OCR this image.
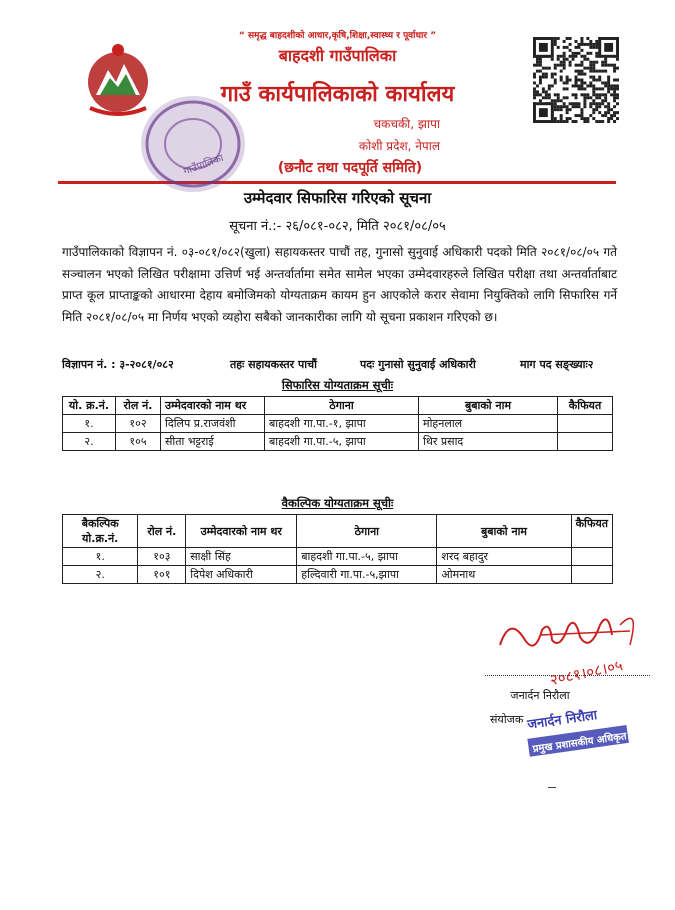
“ समृद्ध बाहदशीको आधार,कृषि,शिक्षा,स्वास्थ्य र पूर्वाधार ”
बाहदशी गाउँपालिका
गाउँ कार्यपालिकाको कार्यालय
चकचकी, झापा
कोशी प्रदेश, नेपाल
(छनौट तथा पदपूर्ति समिति)
गाउँपालिका
उम्मेदवार सिफारिस गरिएको सूचना
सूचना नं.:- २६/०८१-०८२, मिति २०८१/०८/०५
गाउँपालिकाको विज्ञापन नं. ०३-०८१/०८२(खुला) सहायकस्तर पाचौं तह, गुनासो सुनुवाई अधिकारी पदको मिति २०८१/०८/०५ गते सञ्चालन भएको लिखित परीक्षामा उत्तिर्ण भई अन्तर्वार्तामा समेत सामेल भएका उम्मेदवारहरुले लिखित परीक्षा तथा अन्तर्वार्ताबाट प्राप्त कूल प्राप्ताङ्कको आधारमा देहाय बमोजिमको योग्यताक्रम कायम हुन आएकोले करार सेवामा नियुक्तिको लागि सिफारिस गर्ने मिति २०८१/०८/०५ मा निर्णय भएको व्यहोरा सबैको जानकारीका लागि यो सूचना प्रकाशन गरिएको छ।
विज्ञापन नं. : ३-२०८१/०८२	तहः सहायकस्तर पाचौं	पदः गुनासो सुनुवाई अधिकारी	माग पद सङ्ख्याः२
सिफारिस योग्यताक्रम सूचीः
यो. क्र.नं.	रोल नं.	उम्मेदवारको नाम थर	ठेगाना	बुबाको नाम	कैफियत
१.	१०२	दिलिप प्र.राजवंशी	बाहदशी गा.पा.-१, झापा	मोहनलाल	
२.	१०५	सीता भट्टराई	बाहदशी गा.पा.-५, झापा	थिर प्रसाद	
वैकल्पिक योग्यताक्रम सूचीः
बैकल्पिक यो.क्र.नं.	रोल नं.	उम्मेदवारको नाम थर	ठेगाना	बुबाको नाम	कैफियत
१.	१०३	साक्षी सिंह	बाहदशी गा.पा.-५, झापा	शरद बहादुर	
२.	१०१	दिपेश अधिकारी	हल्दिवारी गा.पा.-५,झापा	ओमनाथ	
२०८१।०८।०५
जनार्दन निरौला
संयोजक जनार्दन निरौला
प्रमुख प्रशासकीय अधिकृत
